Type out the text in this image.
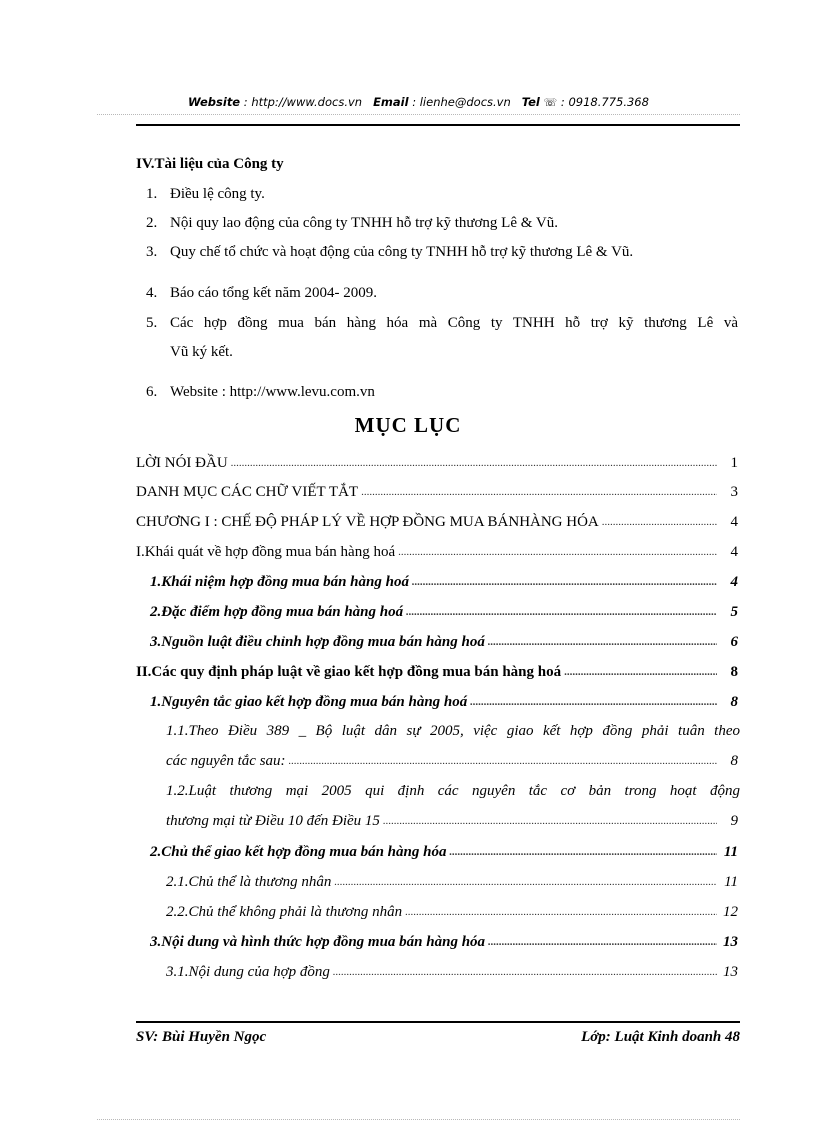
Website : http://www.docs.vn Email : lienhe@docs.vn Tel ☏ : 0918.775.368
IV.Tài liệu của Công ty
1. Điều lệ công ty.
2. Nội quy lao động của công ty TNHH hỗ trợ kỹ thương Lê & Vũ.
3. Quy chế tổ chức và hoạt động của công ty TNHH hỗ trợ kỹ thương Lê & Vũ.
4. Báo cáo tổng kết năm 2004- 2009.
5. Các hợp đồng mua bán hàng hóa mà Công ty TNHH hỗ trợ kỹ thương Lê và
Vũ ký kết.
6. Website : http://www.levu.com.vn
MỤC LỤC
LỜI NÓI ĐẦU .....	1
DANH MỤC CÁC CHỮ VIẾT TẮT .....	3
CHƯƠNG I : CHẾ ĐỘ PHÁP LÝ VỀ HỢP ĐỒNG MUA BÁNHÀNG HÓA .....	4
I.Khái quát về hợp đồng mua bán hàng hoá .....	4
1.Khái niệm hợp đồng mua bán hàng hoá .....	4
2.Đặc điểm hợp đồng mua bán hàng hoá .....	5
3.Nguồn luật điều chỉnh hợp đồng mua bán hàng hoá .....	6
II.Các quy định pháp luật về giao kết hợp đồng mua bán hàng hoá .....	8
1.Nguyên tắc giao kết hợp đồng mua bán hàng hoá .....	8
1.1.Theo Điều 389 _ Bộ luật dân sự 2005, việc giao kết hợp đồng phải tuân theo
các nguyên tắc sau: .....	8
1.2.Luật thương mại 2005 qui định các nguyên tắc cơ bản trong hoạt động
thương mại từ Điều 10 đến Điều 15 .....	9
2.Chủ thể giao kết hợp đồng mua bán hàng hóa .....	11
2.1.Chủ thể là thương nhân .....	11
2.2.Chủ thể không phải là thương nhân .....	12
3.Nội dung và hình thức hợp đồng mua bán hàng hóa .....	13
3.1.Nội dung của hợp đồng .....	13
SV: Bùi Huyền Ngọc	Lớp: Luật Kinh doanh 48
